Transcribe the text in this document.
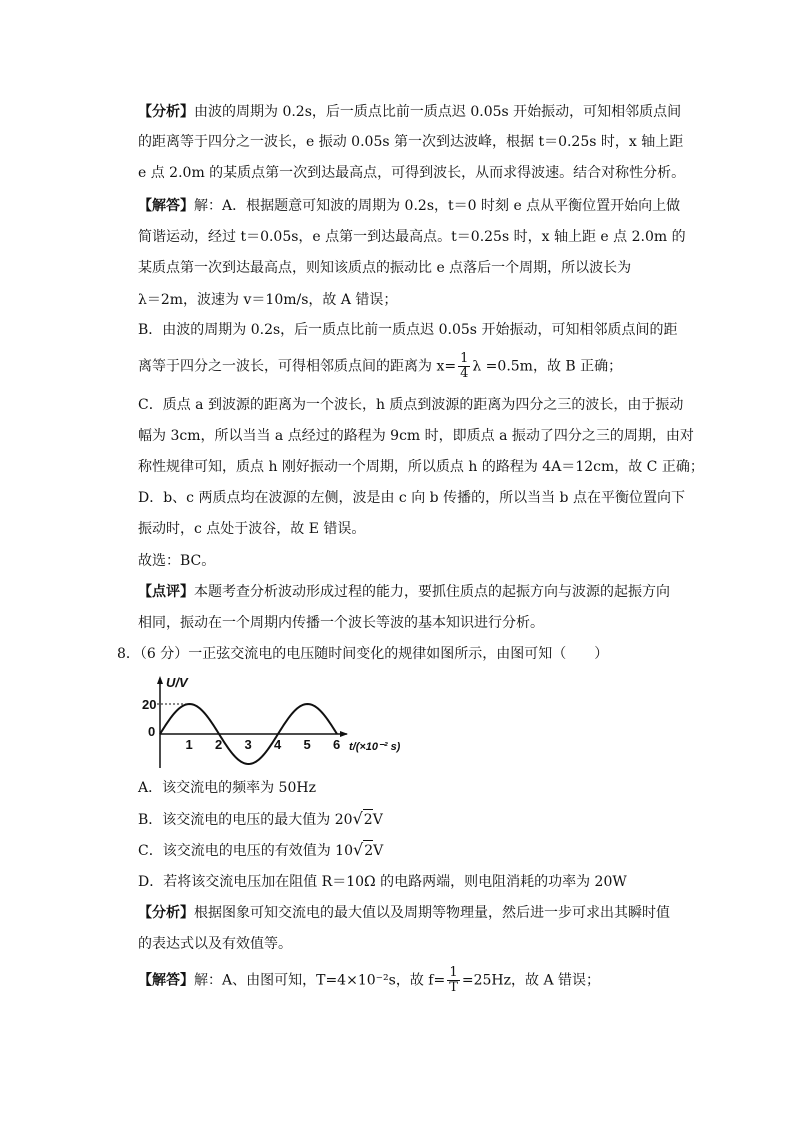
【分析】由波的周期为 0.2s，后一质点比前一质点迟 0.05s 开始振动，可知相邻质点间
的距离等于四分之一波长，e 振动 0.05s 第一次到达波峰，根据 t＝0.25s 时，x 轴上距
e 点 2.0m 的某质点第一次到达最高点，可得到波长，从而求得波速。结合对称性分析。
【解答】解：A．根据题意可知波的周期为 0.2s，t＝0 时刻 e 点从平衡位置开始向上做
简谐运动，经过 t＝0.05s，e 点第一到达最高点。t＝0.25s 时，x 轴上距 e 点 2.0m 的
某质点第一次到达最高点，则知该质点的振动比 e 点落后一个周期，所以波长为
λ＝2m，波速为 v＝10m/s，故 A 错误；
B．由波的周期为 0.2s，后一质点比前一质点迟 0.05s 开始振动，可知相邻质点间的距
离等于四分之一波长，可得相邻质点间的距离为 $x= \frac{1}{4}$ λ =0.5m，故 B 正确；
C．质点 a 到波源的距离为一个波长，h 质点到波源的距离为四分之三的波长，由于振动
幅为 3cm，所以当当 a 点经过的路程为 9cm 时，即质点 a 振动了四分之三的周期，由对
称性规律可知，质点 h 刚好振动一个周期，所以质点 h 的路程为 4A＝12cm，故 C 正确；
D．b、c 两质点均在波源的左侧，波是由 c 向 b 传播的，所以当当 b 点在平衡位置向下
振动时，c 点处于波谷，故 E 错误。
故选：BC。
【点评】本题考查分析波动形成过程的能力，要抓住质点的起振方向与波源的起振方向
相同，振动在一个周期内传播一个波长等波的基本知识进行分析。
8．（6 分）一正弦交流电的电压随时间变化的规律如图所示，由图可知（　　）
1 2 3 4 5 6
20
0
U/V
t/(×10⁻² s)
A．该交流电的频率为 50Hz
B．该交流电的电压的最大值为 20√2V
C．该交流电的电压的有效值为 10√2V
D．若将该交流电压加在阻值 R＝10Ω 的电路两端，则电阻消耗的功率为 20W
【分析】根据图象可知交流电的最大值以及周期等物理量，然后进一步可求出其瞬时值
的表达式以及有效值等。
【解答】解：A、由图可知，T=4×10⁻²s，故 $f= \frac{1}{T} =25Hz$，故 A 错误；
